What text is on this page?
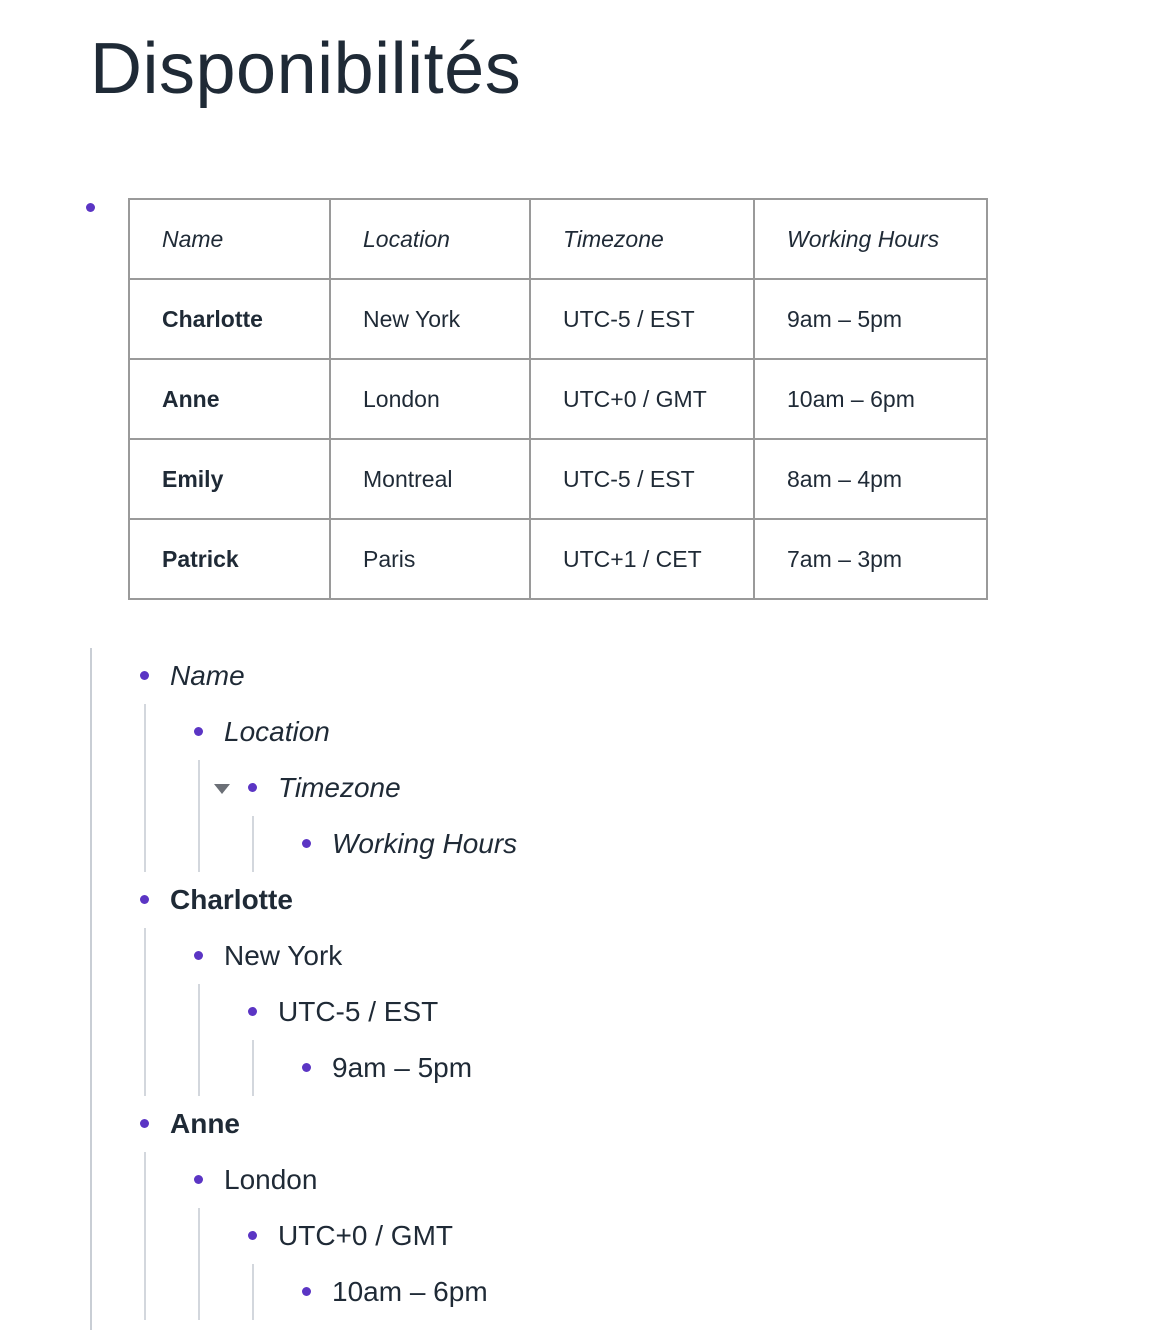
Disponibilités
Name	Location	Timezone	Working Hours
Charlotte	New York	UTC-5 / EST	9am – 5pm
Anne	London	UTC+0 / GMT	10am – 6pm
Emily	Montreal	UTC-5 / EST	8am – 4pm
Patrick	Paris	UTC+1 / CET	7am – 3pm
Name
Location
Timezone
Working Hours
Charlotte
New York
UTC-5 / EST
9am – 5pm
Anne
London
UTC+0 / GMT
10am – 6pm
